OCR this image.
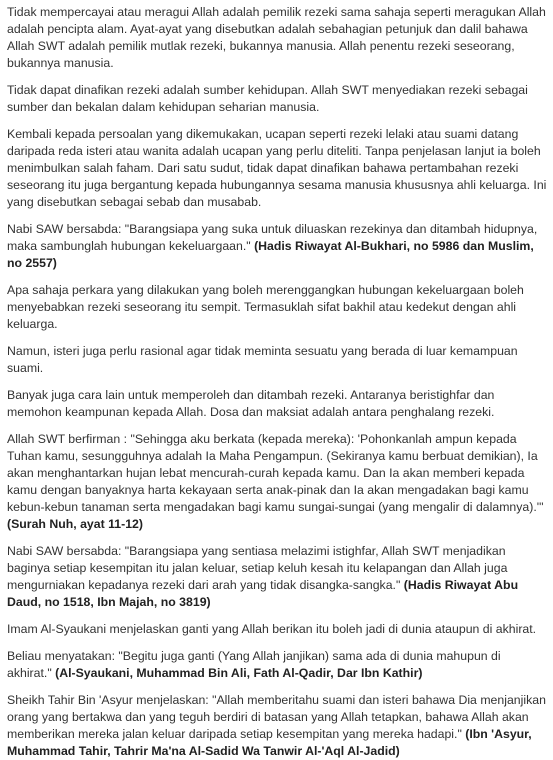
Tidak mempercayai atau meragui Allah adalah pemilik rezeki sama sahaja seperti meragukan Allah adalah pencipta alam. Ayat-ayat yang disebutkan adalah sebahagian petunjuk dan dalil bahawa Allah SWT adalah pemilik mutlak rezeki, bukannya manusia. Allah penentu rezeki seseorang, bukannya manusia.

Tidak dapat dinafikan rezeki adalah sumber kehidupan. Allah SWT menyediakan rezeki sebagai sumber dan bekalan dalam kehidupan seharian manusia.

Kembali kepada persoalan yang dikemukakan, ucapan seperti rezeki lelaki atau suami datang daripada reda isteri atau wanita adalah ucapan yang perlu diteliti. Tanpa penjelasan lanjut ia boleh menimbulkan salah faham. Dari satu sudut, tidak dapat dinafikan bahawa pertambahan rezeki seseorang itu juga bergantung kepada hubungannya sesama manusia khususnya ahli keluarga. Ini yang disebutkan sebagai sebab dan musabab.

Nabi SAW bersabda: "Barangsiapa yang suka untuk diluaskan rezekinya dan ditambah hidupnya, maka sambunglah hubungan kekeluargaan." (Hadis Riwayat Al-Bukhari, no 5986 dan Muslim, no 2557)

Apa sahaja perkara yang dilakukan yang boleh merenggangkan hubungan kekeluargaan boleh menyebabkan rezeki seseorang itu sempit. Termasuklah sifat bakhil atau kedekut dengan ahli keluarga.

Namun, isteri juga perlu rasional agar tidak meminta sesuatu yang berada di luar kemampuan suami.

Banyak juga cara lain untuk memperoleh dan ditambah rezeki. Antaranya beristighfar dan memohon keampunan kepada Allah. Dosa dan maksiat adalah antara penghalang rezeki.

Allah SWT berfirman : "Sehingga aku berkata (kepada mereka): 'Pohonkanlah ampun kepada Tuhan kamu, sesungguhnya adalah Ia Maha Pengampun. (Sekiranya kamu berbuat demikian), Ia akan menghantarkan hujan lebat mencurah-curah kepada kamu. Dan Ia akan memberi kepada kamu dengan banyaknya harta kekayaan serta anak-pinak dan Ia akan mengadakan bagi kamu kebun-kebun tanaman serta mengadakan bagi kamu sungai-sungai (yang mengalir di dalamnya).'" (Surah Nuh, ayat 11-12)

Nabi SAW bersabda: "Barangsiapa yang sentiasa melazimi istighfar, Allah SWT menjadikan baginya setiap kesempitan itu jalan keluar, setiap keluh kesah itu kelapangan dan Allah juga mengurniakan kepadanya rezeki dari arah yang tidak disangka-sangka." (Hadis Riwayat Abu Daud, no 1518, Ibn Majah, no 3819)

Imam Al-Syaukani menjelaskan ganti yang Allah berikan itu boleh jadi di dunia ataupun di akhirat.

Beliau menyatakan: "Begitu juga ganti (Yang Allah janjikan) sama ada di dunia mahupun di akhirat." (Al-Syaukani, Muhammad Bin Ali, Fath Al-Qadir, Dar Ibn Kathir)

Sheikh Tahir Bin 'Asyur menjelaskan: "Allah memberitahu suami dan isteri bahawa Dia menjanjikan orang yang bertakwa dan yang teguh berdiri di batasan yang Allah tetapkan, bahawa Allah akan memberikan mereka jalan keluar daripada setiap kesempitan yang mereka hadapi." (Ibn 'Asyur, Muhammad Tahir, Tahrir Ma'na Al-Sadid Wa Tanwir Al-'Aql Al-Jadid)
